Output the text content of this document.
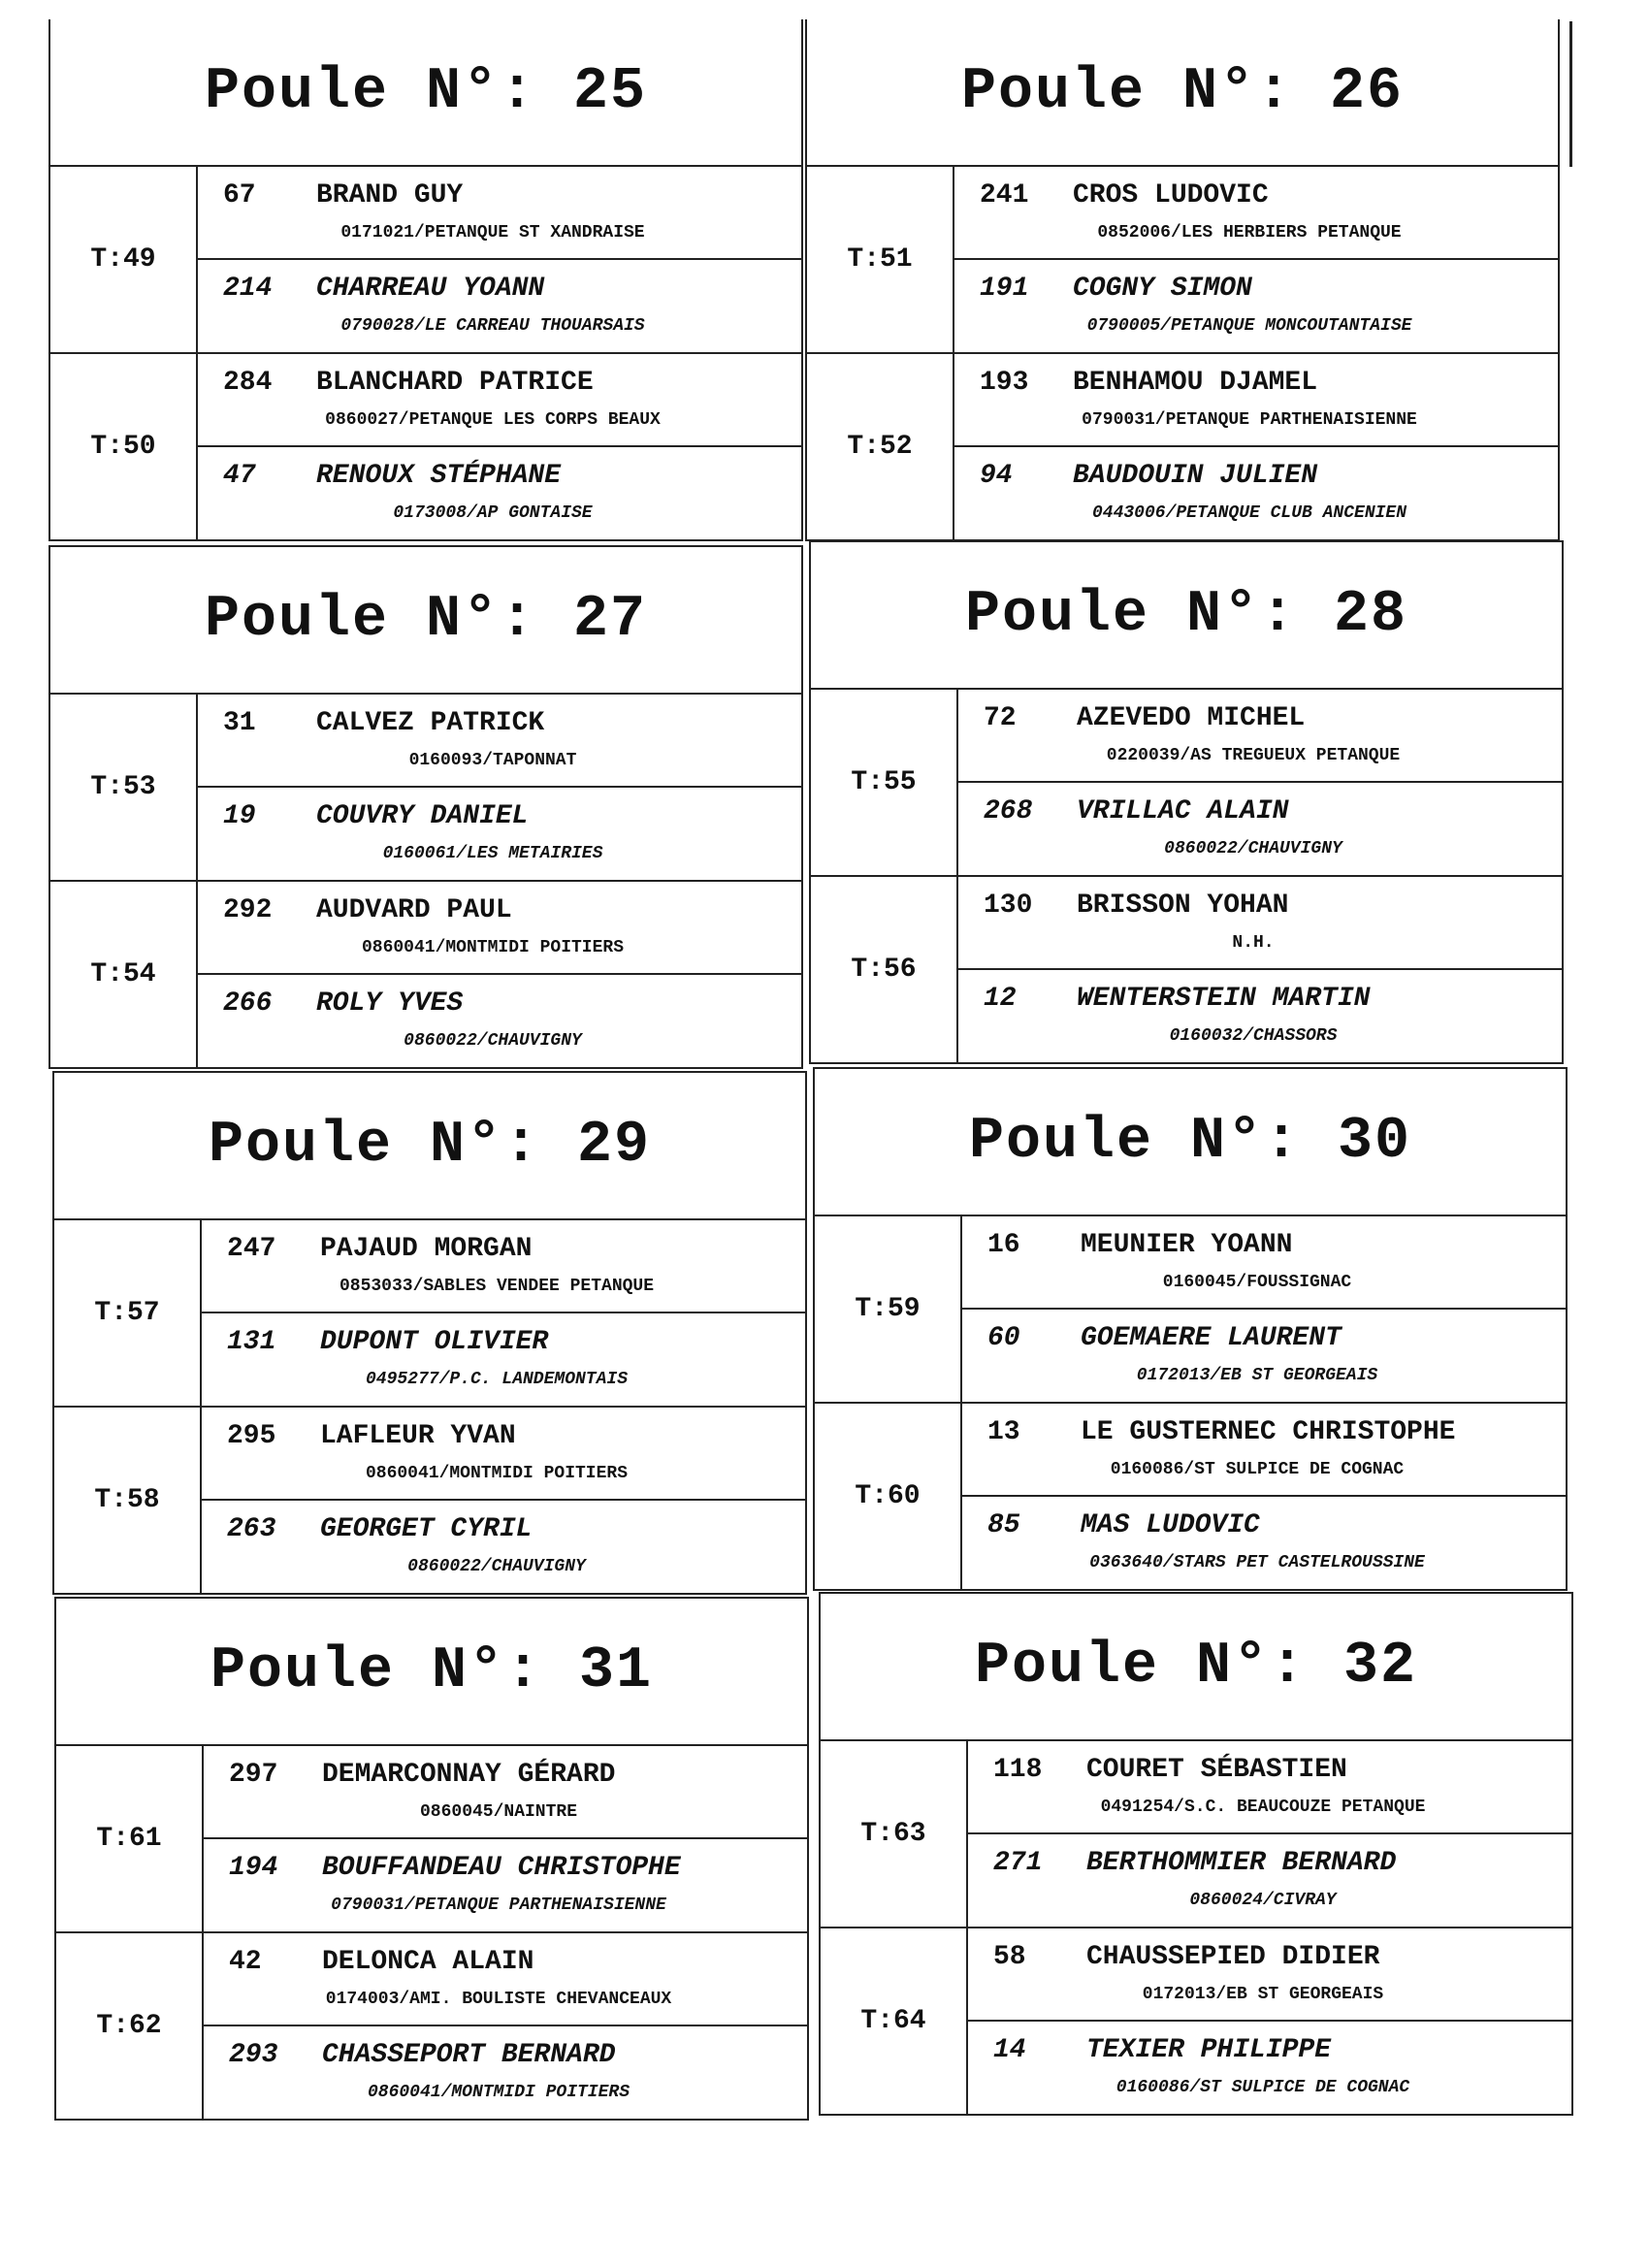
Poule N°: 25
T:49
67	BRAND GUY
0171021/PETANQUE ST XANDRAISE
214	CHARREAU YOANN
0790028/LE CARREAU THOUARSAIS
T:50
284	BLANCHARD PATRICE
0860027/PETANQUE LES CORPS BEAUX
47	RENOUX STÉPHANE
0173008/AP GONTAISE
Poule N°: 26
T:51
241	CROS LUDOVIC
0852006/LES HERBIERS PETANQUE
191	COGNY SIMON
0790005/PETANQUE MONCOUTANTAISE
T:52
193	BENHAMOU DJAMEL
0790031/PETANQUE PARTHENAISIENNE
94	BAUDOUIN JULIEN
0443006/PETANQUE CLUB ANCENIEN
Poule N°: 27
T:53
31	CALVEZ PATRICK
0160093/TAPONNAT
19	COUVRY DANIEL
0160061/LES METAIRIES
T:54
292	AUDVARD PAUL
0860041/MONTMIDI POITIERS
266	ROLY YVES
0860022/CHAUVIGNY
Poule N°: 28
T:55
72	AZEVEDO MICHEL
0220039/AS TREGUEUX PETANQUE
268	VRILLAC ALAIN
0860022/CHAUVIGNY
T:56
130	BRISSON YOHAN
N.H.
12	WENTERSTEIN MARTIN
0160032/CHASSORS
Poule N°: 29
T:57
247	PAJAUD MORGAN
0853033/SABLES VENDEE PETANQUE
131	DUPONT OLIVIER
0495277/P.C. LANDEMONTAIS
T:58
295	LAFLEUR YVAN
0860041/MONTMIDI POITIERS
263	GEORGET CYRIL
0860022/CHAUVIGNY
Poule N°: 30
T:59
16	MEUNIER YOANN
0160045/FOUSSIGNAC
60	GOEMAERE LAURENT
0172013/EB ST GEORGEAIS
T:60
13	LE GUSTERNEC CHRISTOPHE
0160086/ST SULPICE DE COGNAC
85	MAS LUDOVIC
0363640/STARS PET CASTELROUSSINE
Poule N°: 31
T:61
297	DEMARCONNAY GÉRARD
0860045/NAINTRE
194	BOUFFANDEAU CHRISTOPHE
0790031/PETANQUE PARTHENAISIENNE
T:62
42	DELONCA ALAIN
0174003/AMI. BOULISTE CHEVANCEAUX
293	CHASSEPORT BERNARD
0860041/MONTMIDI POITIERS
Poule N°: 32
T:63
118	COURET SÉBASTIEN
0491254/S.C. BEAUCOUZE PETANQUE
271	BERTHOMMIER BERNARD
0860024/CIVRAY
T:64
58	CHAUSSEPIED DIDIER
0172013/EB ST GEORGEAIS
14	TEXIER PHILIPPE
0160086/ST SULPICE DE COGNAC
